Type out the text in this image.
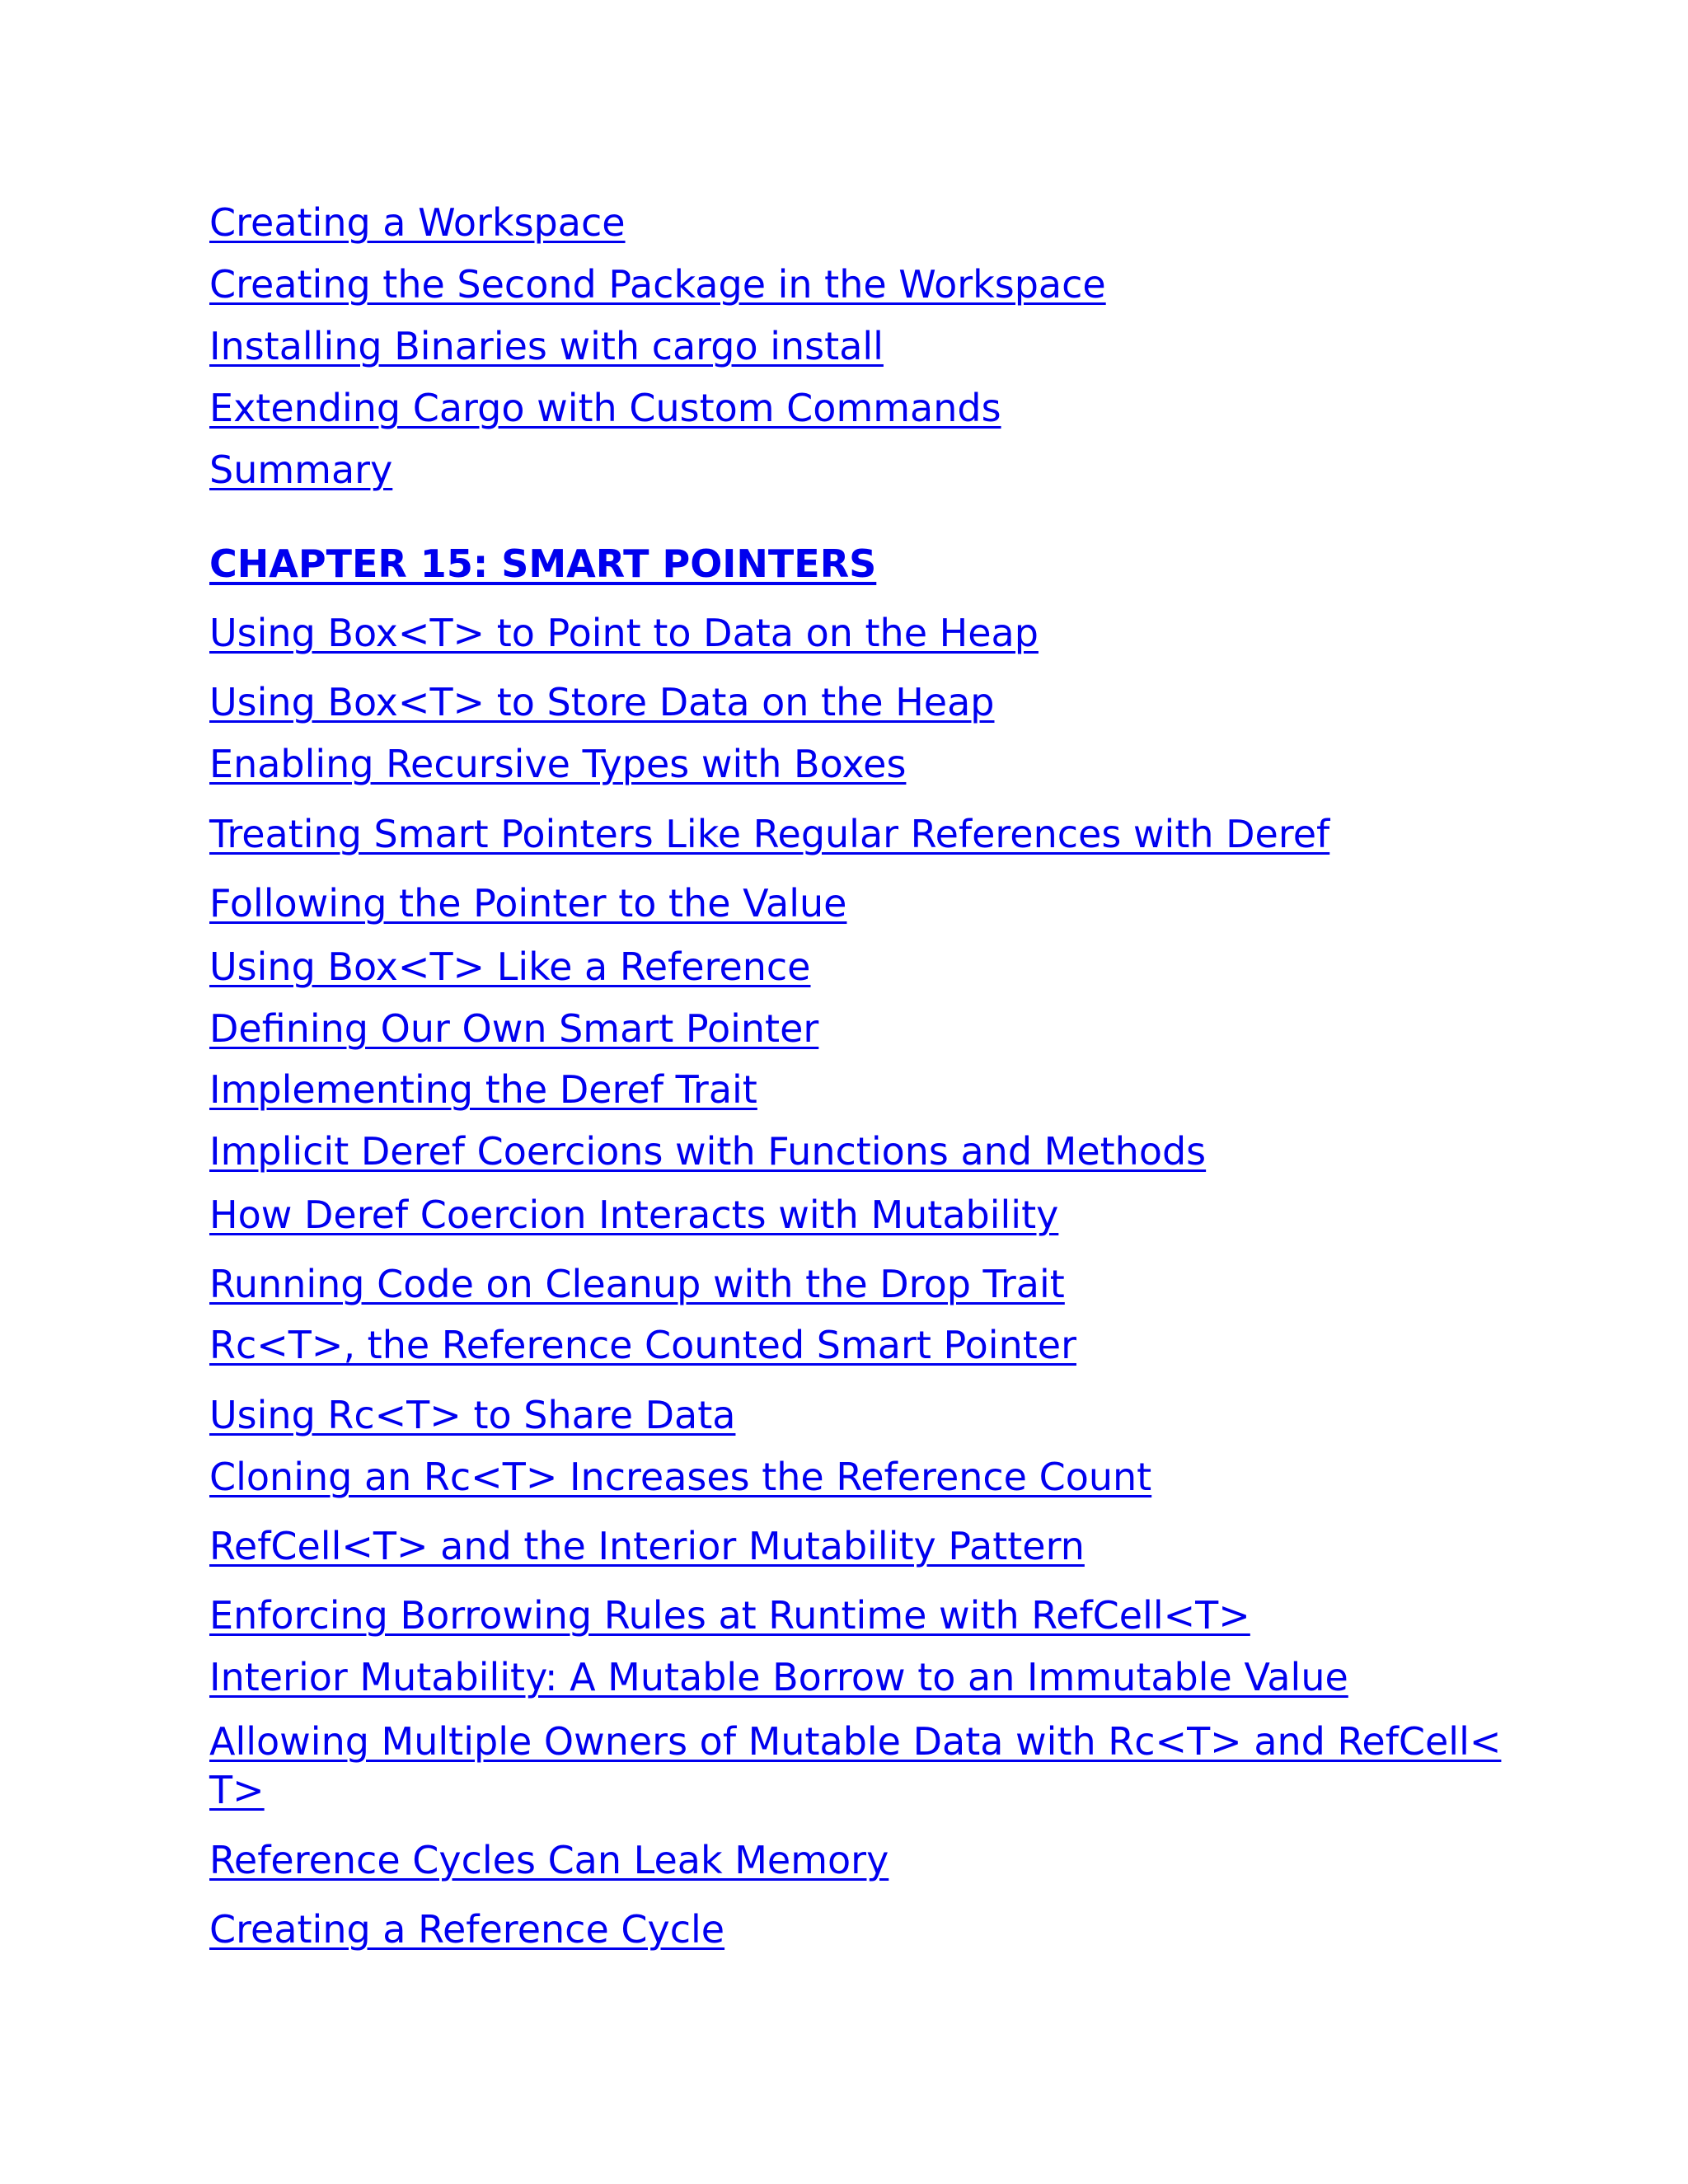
Creating a Workspace
Creating the Second Package in the Workspace
Installing Binaries with cargo install
Extending Cargo with Custom Commands
Summary
CHAPTER 15: SMART POINTERS
Using Box<T> to Point to Data on the Heap
Using Box<T> to Store Data on the Heap
Enabling Recursive Types with Boxes
Treating Smart Pointers Like Regular References with Deref
Following the Pointer to the Value
Using Box<T> Like a Reference
Defining Our Own Smart Pointer
Implementing the Deref Trait
Implicit Deref Coercions with Functions and Methods
How Deref Coercion Interacts with Mutability
Running Code on Cleanup with the Drop Trait
Rc<T>, the Reference Counted Smart Pointer
Using Rc<T> to Share Data
Cloning an Rc<T> Increases the Reference Count
RefCell<T> and the Interior Mutability Pattern
Enforcing Borrowing Rules at Runtime with RefCell<T>
Interior Mutability: A Mutable Borrow to an Immutable Value
Allowing Multiple Owners of Mutable Data with Rc<T> and RefCell<
T>
Reference Cycles Can Leak Memory
Creating a Reference Cycle
